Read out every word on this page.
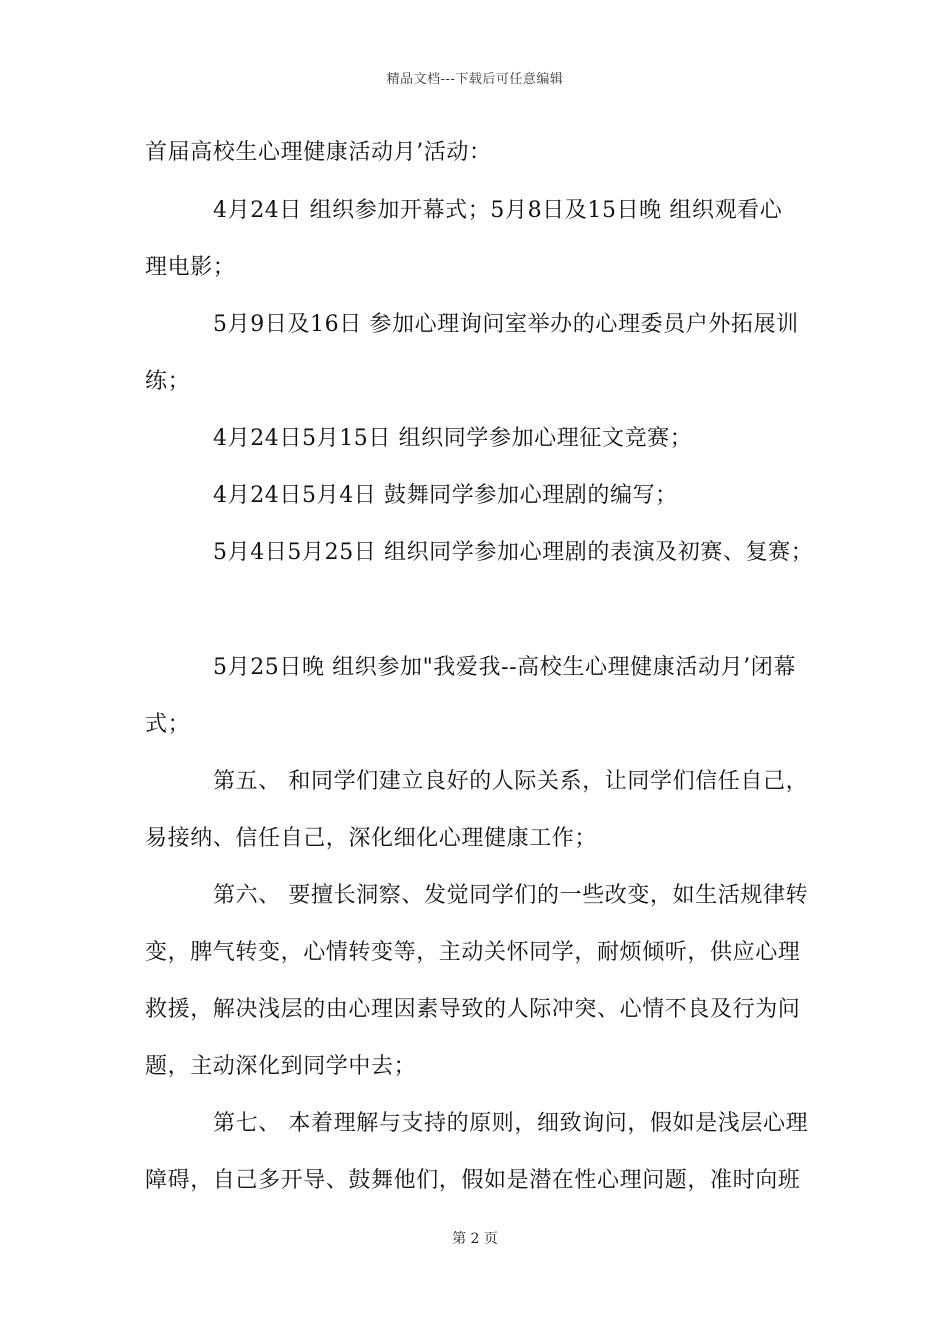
精品文档---下载后可任意编辑
首届高校生心理健康活动月’活动：
4月24日 组织参加开幕式；5月8日及15日晚 组织观看心
理电影；
5月9日及16日 参加心理询问室举办的心理委员户外拓展训
练；
4月24日5月15日 组织同学参加心理征文竞赛；
4月24日5月4日 鼓舞同学参加心理剧的编写；
5月4日5月25日 组织同学参加心理剧的表演及初赛、复赛；
5月25日晚 组织参加"我爱我--高校生心理健康活动月’闭幕
式；
第五、 和同学们建立良好的人际关系，让同学们信任自己，
易接纳、信任自己，深化细化心理健康工作；
第六、 要擅长洞察、发觉同学们的一些改变，如生活规律转
变，脾气转变，心情转变等，主动关怀同学，耐烦倾听，供应心理
救援，解决浅层的由心理因素导致的人际冲突、心情不良及行为问
题，主动深化到同学中去；
第七、 本着理解与支持的原则，细致询问，假如是浅层心理
障碍，自己多开导、鼓舞他们，假如是潜在性心理问题，准时向班
第 2 页
